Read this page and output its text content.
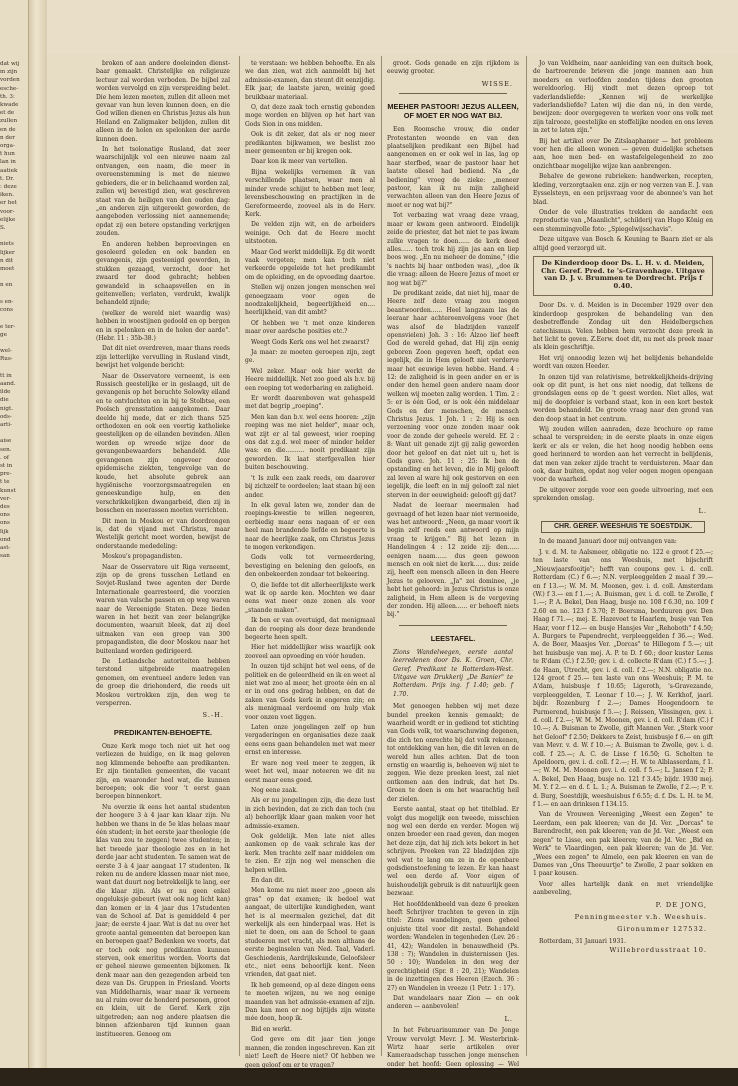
dat wij
m zijn
vorden
esche-
th. 3:
kwade
et de
zullen
en de
n der
orga-
t hun
lan in
aatiek
t. Dr.
: deze
iken.
er het
voor-
elijke
S.

niets
lijker
n dit
moet

n en

s en-
cons

e ter-
ge

wel-
Rus-

tt in
aand.
ilde
die
nigt.
ods-
arti-

aise
sen.
. of
st in
pre-
t te
kunst
ver-
des
ons
ons
lijk
ond
ast-
san

broken of aan andere doeleinden dienst-baar gemaakt. Christelijke en religieuze lectuur zal worden verboden. De bijbel zal worden vervolgd en zijn verspreiding belet. Die hem lezen moeten, zullen dit alleen met gevaar van hun leven kunnen doen, en die God willen dienen en Christus Jezus als hun Heiland en Zaligmaker belijden, zullen dit alleen in de holen en spelonken der aarde kunnen doen.

In het tsolonatige Rusland, dat zeer waarschijnlijk vol een nieuwe naam zal ontvangen, een naam, die meer in overeenstemming is met de nieuwe gebieders, die er in belichaamd worden zal, zullen wij bevestigd zien, wat geschreven staat van de heiligen van den ouden dag: „en anderen zijn uitgereekt geworden, de aangeboden verlossing niet aannemende; opdat zij een betere opstanding verkrijgen zouden.

En anderen hebben beproevingen en gesoleerd geleden en ook banden en gevangenis, zijn gesteenigd geworden, in stukken gezaagd, verzocht, door het zwaard ter dood gebracht; hebben gewandeld in schaapsvellen en in geitenvellen; verlaten, verdrukt, kwalijk behandeld zijnde;

(welker de wereld niet waardig was) hebben in woestijnen gedoold en op bergen en in spelonken en in de holen der aarde". (Hebr. 11 : 35b-38.)

Dat dit niet overdreven, maar thans reeds zijn letterlijke vervulling in Rusland vindt, bewijst het volgende bericht:

Naar de Osservatore verneemt, is een Russisch geestelijke er in geslaagd, uit de gevangenis op het beruchte Solowky eiland en te ontvluchten en in bij te Stolbtse, een Poolsch grensstation aangekomen. Daar deelde hij mede, dat er zich thans 525 orthodoxen en ook een veertig katholieke geestelijken op de eilanden bevinden. Allen worden op wreede wijze door de gevangenbewaarders behandeld. Alle gevangenen zijn ongeveer door epidemische ziekten, tengevolge van de koude, het absolute gebrek aan hygiënische voorzorgsmaatregelen en geneeskundige hulp, en den verschrikkelijken dwangarbeid, dien zij in bosschen en moerassen moeten verrichten.

Dit men in Moskou er van doordrongen is, dat de vijand met Christus, maar Westelijk gericht moet worden, bewijst de onderstaande mededeling:

Moskou's propagandisten.

Naar de Osservatore uit Riga verneemt, zijn op de grens tusschen Letland en Sovjet-Rusland twee agenten der Derde Internationale gearresteerd, die voorzien waren van valsche passen en op weg waren naar de Vereenigde Staten. Deze lieden waren in het bezit van zeer belangrijke documenten, waaruit bleek, dat zij deel uitmaken van een groep van 300 propagandisten, die door Moskou naar het buitenland worden gedirigeerd.

De Letlandsche autoriteiten hebben terstond uitgebreide maatregelen genomen, om eventueel andere leden van de groep die driehonderd, die reeds uit Moskou vertrokken zijn, den weg te versperren.

S.-H.
PREDIKANTEN-BEHOEFTE.

Onze Kerk moge toch niet uit het oog verliezen de huidige, en ik mag geloven nog klimmende behoefte aan predikanten. Er zijn tientallen gemeenten, die vacant zijn, en waaronder heel wat, die kunnen beroepen; ook die voor 't eerst gaan beroepen binnenkort.

Nu overzie ik eens het aantal studenten der hoogere 3 à 4 jaar kan klaar zijn. Nu hebben we thans in de 5e klas helaas maar één student; in het eerste jaar theologie (de klas van zou te zeggen) twee studenten; in het tweede jaar theologie zes en in het derde jaar acht studenten. Te samen wat de eerste 3 à 4 jaar aangaat 17 studenten. Ik reken nu de andere klassen maar niet mee, want dat duurt nog betrekkelijk te lang, eer die klaar zijn. Als er nu geen enkel ongeluksje gebeurt (wat ook nog licht kan) dan komen er in 4 jaar dus 17studenten van de School af. Dat is gemiddeld 4 per jaar; de eerste 4 jaar. Wat is dat nu over het groote aantal gemeenten dat beroepen kan en beroepen gaat? Bedenken we voorts, dat er toch ook nog predikanten kunnen sterven, ook emeritus worden. Voorts dat er geheel nieuwe gemeenten bijkomen. Ik denk maar aan den gezegenden arbeid ten deze van Ds. Gruppen in Friesland. Voorts van Middelharnis, waar maar ik verneem nu al ruim over de honderd personen, groot en klein, uit de Geref. Kerk zijn uitgetreden; aan nog andere plaatsen die binnen afzienbaren tijd kunnen gaan institueeren. Genoeg om

te verstaan: we hebben behoefte. En als we dan zien, wat zich aanmeldt bij het admissie-examen, dan steunt dit eenzijdig. Elk jaar, de laatste jaren, weinig goed bruikbaar materiaal.

O, dat deze zaak toch ernstig gebonden moge worden en blijven op het hart van Gods Sion in ons midden.

Ook is dit zeker, dat als er nog meer predikanten bijkwamen, we beslist zoo meer gemeenten er bij kregen ook.

Daar kon ik meer van vertellen.

Bijna wekelijks vernemen ik van verschillende plaatsen, waar men al minder vrede schijnt te hebben met leer, levensbeschouwing en practijken in de Gereformeerde, zooveel als in de Herv. Kerk.

De velden zijn wit, en de arbeiders weinige. Och dat de Heere mocht uitstooten.

Maar God werkt middellijk. Eg dit wordt vaak vergeten; men kan toch niet verkeerde opgeleide tot het predikambt om de opleiding, en de opvoeding daartoe.

Stellen wij onzen jongen menschen wel genoegzaam voor ogen de noodzakelijkheid, begeerlijkheid en.... heerlijkheid, van dit ambt?

Of hebben we 't met onze kinderen maar over aardsche posities etc.?

Weegt Gods Kerk ons wel het zwaarst?

Ja maar: ze moeten geroepen zijn, zegt ge.

Wel zeker. Maar ook hier werkt de Heere middellijk. Net zoo goed als b.v. bij een roeping tot wederbaring en zaligheid.

Er wordt daarenboven wat gehaspeld met dat begrip „roeping".

Men kan dan b.v. wel eens hooren: „zijn roeping was me niet helder", maar och, wat zijt er al tal geweest, wier roeping ons dat z.g.d. wel meer of minder helder was: en die.......... nooit predikant zijn geworden. Ik laat sterfgevallen hier buiten beschouwing.

't Is zulk een zaak reeds, om daarover bij zichzelf te oordeelen; laat staan bij een ander.

In elk geval laten we, zonder dan de roepings-kwestie te willen negeeren, eerbiedig maar eens nagaan of er een heel man brandende liefde en begeerte is naar de heerlijke zaak, om Christus Jezus te mogen verkondigen.

Gods volk tot vermeerdering, bevestiging en belening den geloofs, en den onbekeerden zondaar tot bekeering.

O, die liefde tot dit allerheerlijkste werk wat ik op aarde ken. Mochten we daar eens wat meer onze zonen als voor „staande maken".

Ik ben er van overtuigd, dat menigmaal dan de roeping als door deze brandende begeerte heen spelt.

Hier het middellijker wiss waarlijk ook zooveel aan opvoeding en vóór houden.

In ouzen tijd schijnt het wel eens, of de politiek en de geleerdheid en ik en weet al niet wat zoo al meer, het groote één en al er in oud ons gedrag hebben, en dat de zaken van Gods kerk in engeren zin; en als menigmaal verdoemd om hulp vlak voor onzen voet liggen.

Laten onze jongelingen zelf op hun vergaderingen en organisaties deze zaak eens eens gaan behandelen met wat meer ernst en interesse.

Er ware nog veel meer te zeggen, ik weet het wel, maar noteeren we dit nu eerst maar eens goed.

Nog eene zaak.

Als er nu jongelingen zijn, die deze lust in zich bevinden, dat ze zich dan toch (nu al) behoorlijk klaar gaan maken voor het admissie-examen.

Ook geldelijk. Men late niet alles aankomen op de vaak schrale kas der kerk. Men trachte zelf naar middelen om te zien. Er zijn nog wel menschen die helpen willen.

En dan dit.

Men kome nu niet meer zoo „goeen als gras" op dat examen; ik bedoel wat aangaat, de uiterlijke kundigheden, want het is al meermalen gezichel, dat dit werkelijk als een hinderpaal was. Het is niet te doen, om aan de School te gaan studeeren met vracht, als men althans de eerste beginselen van Ned. Taal, Vaderl. Geschiedenis, Aardrijkskunde, Geloofsleer etc., niet eens behoorlijk kent. Neen vrienden, dat gaat niet.

Ik heb gemeend, op al deze dingen eens te moeten wijzen, nu we nog eenige maanden van het admissie-examen af zijn. Dan kan men er nog bijtijds zijn winste mée doen, hoop ik.

Bid en werkt.

God geve om dit jaar tien jonge mannen, die zonden ingeschreven. Kan zit niet! Leeft de Heere niet? Of hebben we geen geloof om er te vragen?

Ons gebrek en onze onwaardigheid zij

groot. Gods genade en zijn rijkdom is eeuwig grooter.

WISSE.
MEEHER PASTOOR! JEZUS ALLEEN, OF MOET ER NOG WAT BIJ.

Een Roomsche vrouw, die onder Protestanten woonde en van den plaatselijken predikant een Bijbel had aangenomen en er ook wel in las, lag op haar sterfbed, waar de pastoor haar het laatste oliesel had bediend. Na „de bediening" vroeg de zieke: „meneer pastoor, kan ik nu mijn zaligheid verwachten alleen van den Heere Jezus of moet er nog wat bij?"

Tot verbazing wat vraag deze vraag, maar er kwam geen antwoord. Eindelijk zeide de priester, dat het niet te pas kwam zulke vragen te doen...... de kerk deed alles...... toch trok hij zijn jas aan en liep boos weg. „En nu meheer de domine," (die 's nachts bij haar ontboden was), „doe ik die vraag: alleen de Heere Jezus of moet er nog wat bij?"

De predikant zeide, dat niet hij, maar de Heere zelf deze vraag zou mogen beantwoorden...... Heel langzaam las de leeraar haar achtereenvolgens voor (het was alsof de bladzijden vanzelf opensvielen) Joh. 3 : 16: Alzoo lief heeft God de wereld gehad, dat Hij zijn eenig geboren Zoon gegeven heeft, opdat een iegelijk, die in Hem gelooft niet verderve maar het eeuwige leven hebbe. Hand. 4 : 12: de zaligheid is in geen ander en er is onder den hemel geen andere naam door welken wij moeten zalig worden. 1 Tim. 2 : 5: er is één God, er is ook één middelaar Gods en der menschen, de mensch Christus Jezus. 1 Joh. 1 : 2: Hij is een verzoening voor onze zonden maar ook voor de zonde der geheele wereld. Ef. 2 : 8: Want uit genade zijt gij zalig geworden door het geloof en dat niet uit u, het is Gods gave. Joh. 11 : 25: Ik ben de opstanding en het leven, die in Mij gelooft zal leven al ware hij ook gestorven en een iegelijk, die leeft en in mij gelooft zal niet sterven in der eeuwigheid: gelooft gij dat?

Nadat de leeraar meermalen had gevraagd of het lezen haar niet vermoeide, was het antwoord: „Neen, ga maar voort ik begin zelf reeds een antwoord op mijn vraag te krijgen." Bij het lezen in Handelingen 4 : 12 zeide zij: den...... eenigen naam...... dus geen gewoon mensch en ook niet de kerk...... dus: zeide zij, heeft een mensch alleen in den Heere Jezus te gelooven. „Ja" zei dominee, „je hebt het gehoord: in Jezus Christus is onze zaligheid, in Hem alleen is de vergeving der zonden. Hij alleen...... er behoeft niets bij."

LEESTAFEL.

Zions Wandelwegen, eerste aantal leerredenen door Ds. K. Groen, Chr. Geref. Predikant te Rotterdam-West. Uitgave van Drukkerij „De Banier" te Rotterdam. Prijs ing. f 1.40; geb. f 1.70.

Met genoegen hebben wij met deze bundel preeken kennis gemaakt; de waarheid wordt er in gediend tot stichting van Gods volk, tot waarschuwing degenen, die zich ten onrechte bij dat volk rekenen, tot ontdekking van hen, die dit leven en de wereld hun alles achten. Dat de toon ernstig en waardig is, behoeven wij niet te zeggen. Wie deze preeken leest, zal niet ontkomen aan den indruk, dat het Ds. Groen te doen is om het waarachtig heil der zielen.

Eerste aantal, staat op het titelblad. Er volgt dus mogelijk een tweede, misschien nog wel een derde en verder. Mogen wij onzen broeder een raad geven, dan mogen het deze zijn, dat hij zich iets bekort in het schrijven. Preeken van 22 bladzijden zijn wel wat te lang om ze in de openbare godsdienstoefening te lezen. Er kan haast wel een derde af. Voor eigen of huishoudelijk gebruik is dit natuurlijk geen bezwaar.

Het hoofddenkbeeld van deze 6 preeken heeft Schrijver trachten te geven in zijn titel: Zions wandelingen, geen geheel onjuiste titel voor dit zestal. Behandeld worden: Wandelen in tegenheden (Lev. 26 : 41, 42); Wandelen in benauwdheid (Ps. 138 : 7); Wandelen in duisternissen (Jes. 50 : 10); Wandelen in den weg der gerechtigheid (Spr. 8 : 20, 21); Wandelen in de inzettingen des Heeren (Ezech. 36 : 27) en Wandelen in vreeze (1 Petr. 1 : 17).

Dat wandelaars naar Zion — en ook anderen — aanbevolen!

L.

In het Februarinummer van De Jonge Vrouw vervolgt Mevr. J. M. Westerbrink-Wirtz haar serie artikelen over Kameraadschap tusschen jonge menschen onder het hoofd: Geen oplossing — Wel bezinning. In „Brieven van het Slagveld" bespreekt

Jo van Veldheim, naar aanleiding van een duitsch boek, de bartroerende brieven die jonge mannen aan hun moeders en verloofden zonden tijdens den grooten wereldoorlog. Hij vindt met dezen oproep tot vaderlandsliefde: „Kennen wij de werkelijke vaderlandsliefde? Laten wij die dan nú, in den verde, bewijzen: door overgegeven te werken voor ons volk met zijn talrooze, geestelijke en stoffelijke nooden en ons leven in zet te laten zijn."

Bij het artikel over De Zitslaaphamer — het probleem voor hen die alleen wonen — geven duidelijke schetsen aan, hoe men bed- en wastafelgelegenheid zo zoo onzichtbaar mogelijke wijze kan aanbrengen.

Behalve de gewone rubrieken: handwerken, recepten, kleding, verzorgtaalen enz. zijn er nog verzen van E. J. van Eysselsteyn, en een prijsvraag voor de abonnee's van het blad.

Onder de vele illustraties trekken de aandacht een reproductie van „Maanlicht", schilderij van Hugo König en een stemmingvolle foto: „Spiegelwijsschavis".

Deze uitgave van Bosch & Keuning te Baarn ziet er als altijd goed verzorgd uit.

De Kinderdoop door Ds. L. H. v. d. Meiden, Chr. Geref. Pred. te 's-Gravenhage. Uitgave van D. J. v. Brummen te Dordrecht. Prijs f 0.40.

Door Ds. v. d. Meiden is in December 1929 over den kinderdoop gesproken de behandeling van den desbetreffende Zondag uit den Heidelbergschen catechismus. Velen hebben hem verzocht deze preek in het licht te geven. Z.Eerw. doet dit, nu met als preek maar als klein geschriftje.

Het vrij onnoodig lezen wij het belijdenis behandelde wordt van onzen Heeder.

In onzen tijd van relativisme, betrekkelijkheids-drijving ook op dit punt, is het ons niet noodig, dat telkens de grondslagen eens op de 't geest worden. Niet alles, wat mij de doopfeier is verband staat, kon in een kort bestek worden behandeld. De groote vraag naar den grond van den doop staat in het centrum.

Wij zouden willen aanraden, deze brochure op rame schaal te verspreiden; in de eerste plaats in onze eigen kerk er als er velen, die het hoog noodig hebben eens goed herinnerd te worden aan het verrecht in belijdenis, dat men van zeker zijde tracht te verduisteren. Maar dan ook, daar buiten, opdat nog veler oogen mogen opengaan voor de waarheid.

De uitgever zorgde voor een goede uitvoering, met een sprekenden omslag.

L.
CHR. GEREF. WEESHUIS TE SOESTDIJK.

In de maand Januari door mij ontvangen van:

J. v. d. M. te Aalsmeer, obligatie no. 122 e groot f 25.—; ten laste van ons Weeshuis, met bijschrift „Nieuwjaarsfooitje"; hefft van coupons gev. i. d. coll. Rotterdam (C.) f 6.—; N.N. verpleeggelden 2 maal f 39.— en f 13.—; W. M. M. Moonen, gev. i. d. coll. Amsterdam (W.) f 3.— en f 1.—; A. Buisman, gev. i. d. coll. te Zwolle, f 1.—; P. A. Bekel, Den Haag, busje no. 108 f 6.30, no. 109 f 2.60 en no. 123 f 3.70; P. Boersma, borduuren gev. Den Haag f 71.—; mej. E. Hazevoet te Haarlem, busje van Ten Haar, voor f 12.— en busje Hansjes Ver „Rehoboth" f 4.50; A. Burgers te Papendrecht, verpleeggelden f 36.—; Wed. A. de Boer, Maasjes Ver. „Dorcas" te Hillegom f 5.—; uit het huisbusje van mej. A. P. te D. f 60.; door kuster Lems te R'dam (C.) f 2.50; gev. i. d. collecte R'dam (C.) f 5.—; J. de Haan, Utrecht, gev. i. d. coll. f 2.—; N.N. obligatie no. 124 groot f 25.— ten laste van ons Weeshuis; P. M. te A'dam, huisbusje f 10.65; Ligeroth, 's-Gravezande, verpleeggelden, T. Leonar f 10.—; J. W. Kerkhof, jaarl. bijdr. Rozenburg f 2.—; Dames Hoogendoorn te Purmerend, huisbusje f 5.—; J. Reissen, Vlissingen, gev. i. d. coll. f 2.—; W. M. M. Moonen, gev. i. d. coll. R'dam (C.) f 10.—; A. Buisman te Zwolle, gift Mannen Ver. „Sterk voor het Geloof" f 2.50; Dekkers te Zeist, huisbusje f 6.— en gift van Mevr. v. d. W. f 10.—; A. Buisman te Zwolle, gev. i. d. coll. f 25.—; A. C. de Lisse f 16.50; G. Scholten te Apeldoorn, gev. i. d. coll. f 2.—; H. W. te Alblasserdam, f 1.—; W. M. M. Moonen gev. i. d. coll. f 5.—; L. Jansen f 2; P. A. Bekel, Den Haag, busje no. 121 f 3.45; bijdr. 1930 mej. M. Y. f 2.— en d. f. L. 1.; A. Buisman te Zwolle, f 2.—; P. v. d. Burg, Soestdijk, weeshuisbus f 6.55; d. f. Ds. L. H. te M. f 1.— en aan drinksen f 134.15.

Van de Vrouwen Vereeniging „Weest een Zegen" te Leerdam, een pak kleeren; van de Jd. Ver. „Dorcas" te Barendrecht, een pak kleeren; van de Jd. Ver. „Weest een zegen" te Lisse, een pak kleeren; van de Jd. Ver. „Bid en Werk" te Vlaardingen, een pak kleeren; van de Jd. Ver. „Wees een zegen" te Almelo, een pak kleeren en van de Dames van „Ons Theeuurtje" te Zwolle, 2 paar sokken en 1 paar kousen.

Voor alles hartelijk dank en met vriendelijke aanbeveling,

P. DE JONG,
Penningmeester v.h. Weeshuis.
Gironummer 127532.
Rotterdam, 31 Januari 1931.
Willebrordusstraat 10.
